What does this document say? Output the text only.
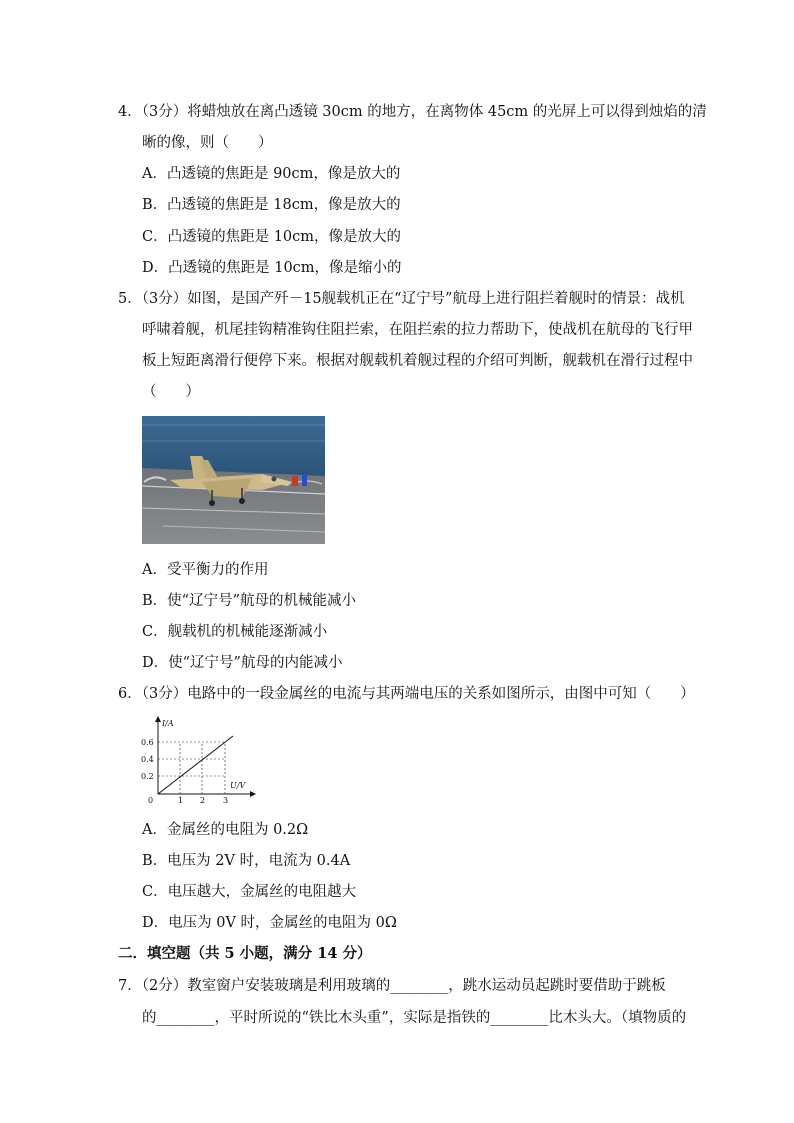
4．（3分）将蜡烛放在离凸透镜 30cm 的地方，在离物体 45cm 的光屏上可以得到烛焰的清
晰的像，则（　　）
A．凸透镜的焦距是 90cm，像是放大的
B．凸透镜的焦距是 18cm，像是放大的
C．凸透镜的焦距是 10cm，像是放大的
D．凸透镜的焦距是 10cm，像是缩小的
5．（3分）如图，是国产歼－15舰载机正在“辽宁号”航母上进行阻拦着舰时的情景：战机
呼啸着舰，机尾挂钩精准钩住阻拦索，在阻拦索的拉力帮助下，使战机在航母的飞行甲
板上短距离滑行便停下来。根据对舰载机着舰过程的介绍可判断，舰载机在滑行过程中
（　　）
A．受平衡力的作用
B．使“辽宁号”航母的机械能减小
C．舰载机的机械能逐渐减小
D．使“辽宁号”航母的内能减小
6．（3分）电路中的一段金属丝的电流与其两端电压的关系如图所示，由图中可知（　　）
I/A
U/V
0
0.2
0.4
0.6
1 2 3
A．金属丝的电阻为 0.2Ω
B．电压为 2V 时，电流为 0.4A
C．电压越大，金属丝的电阻越大
D．电压为 0V 时，金属丝的电阻为 0Ω
二．填空题（共 5 小题，满分 14 分）
7．（2分）教室窗户安装玻璃是利用玻璃的________，跳水运动员起跳时要借助于跳板
的________，平时所说的“铁比木头重”，实际是指铁的________比木头大。（填物质的
